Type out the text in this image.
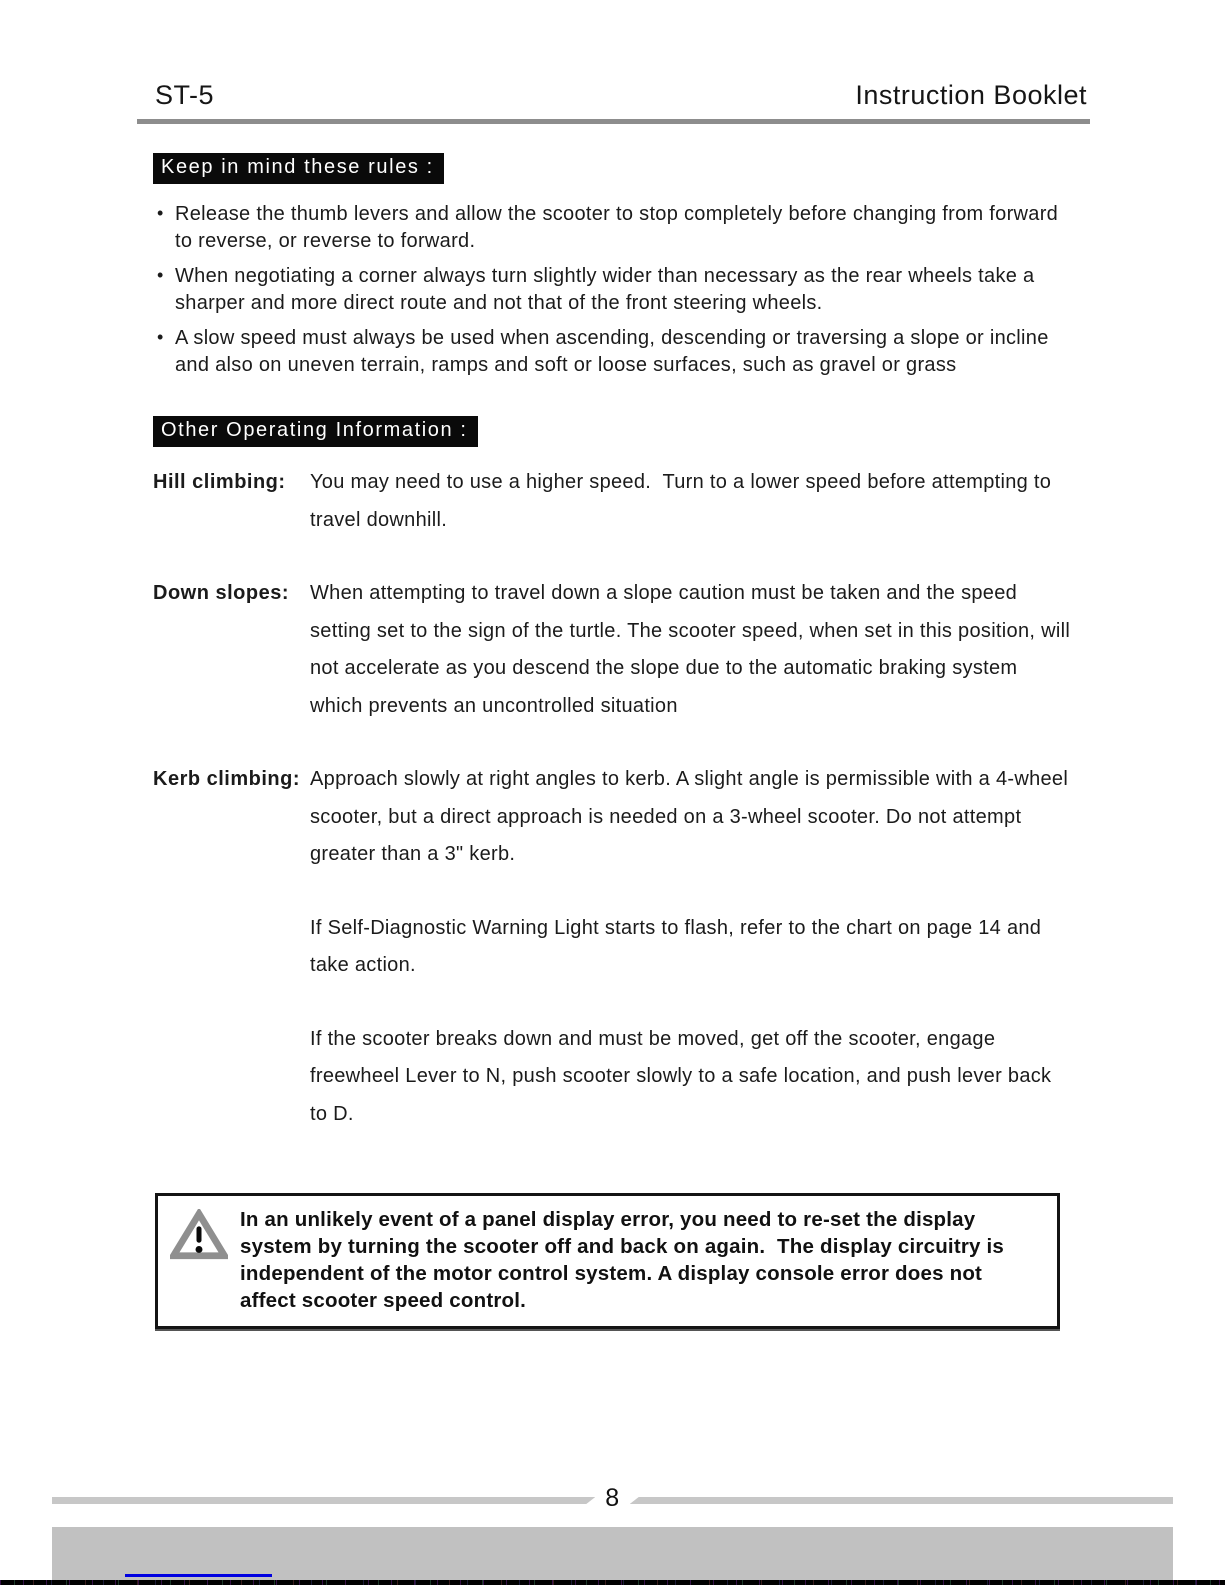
ST-5	Instruction Booklet
Keep in mind these rules :
• Release the thumb levers and allow the scooter to stop completely before changing from forward to reverse, or reverse to forward.
• When negotiating a corner always turn slightly wider than necessary as the rear wheels take a sharper and more direct route and not that of the front steering wheels.
• A slow speed must always be used when ascending, descending or traversing a slope or incline and also on uneven terrain, ramps and soft or loose surfaces, such as gravel or grass
Other Operating Information :
Hill climbing:	You may need to use a higher speed.  Turn to a lower speed before attempting to travel downhill.
Down slopes:	When attempting to travel down a slope caution must be taken and the speed setting set to the sign of the turtle. The scooter speed, when set in this position, will not accelerate as you descend the slope due to the automatic braking system which prevents an uncontrolled situation
Kerb climbing: Approach slowly at right angles to kerb. A slight angle is permissible with a 4-wheel scooter, but a direct approach is needed on a 3-wheel scooter. Do not attempt greater than a 3" kerb.
If Self-Diagnostic Warning Light starts to flash, refer to the chart on page 14 and take action.
If the scooter breaks down and must be moved, get off the scooter, engage freewheel Lever to N, push scooter slowly to a safe location, and push lever back to D.
In an unlikely event of a panel display error, you need to re-set the display system by turning the scooter off and back on again.  The display circuitry is independent of the motor control system. A display console error does not affect scooter speed control.
8
